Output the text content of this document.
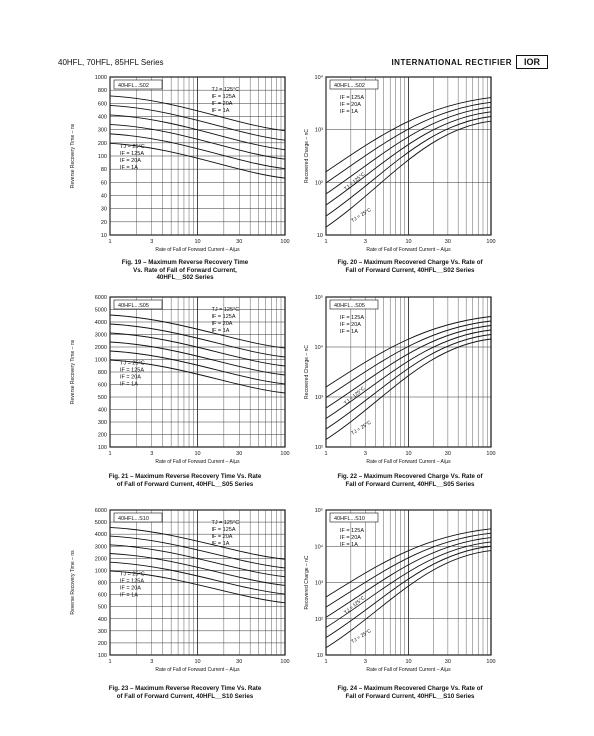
40HFL, 70HFL, 85HFL Series	INTERNATIONAL RECTIFIER	IOR
1000
800
600
400
300
200
100
80
60
40
30
20
10
1	3	10	30	100
Rate of Fall of Forward Current – A/µs
Reverse Recovery Time – ns
40HFL...S02
TJ = 125°C
IF = 125A
IF = 20A
IF = 1A
TJ = 25°C
IF = 125A
IF = 20A
IF = 1A
10⁴
10³
10²
10
1	3	10	30	100
Rate of Fall of Forward Current – A/µs
Recovered Charge – nC
40HFL...S02
IF = 125A
IF = 20A
IF = 1A
TJ = 125°C
TJ = 25°C
6000
5000
4000
3000
2000
1000
800
600
500
400
300
200
100
1	3	10	30	100
Rate of Fall of Forward Current – A/µs
Reverse Recovery Time – ns
40HFL...S05
TJ = 125°C
IF = 125A
IF = 20A
IF = 1A
TJ = 25°C
IF = 125A
IF = 20A
IF = 1A
10⁵
10⁴
10³
10²
1	3	10	30	100
Rate of Fall of Forward Current – A/µs
Recovered Charge – nC
40HFL...S05
IF = 125A
IF = 20A
IF = 1A
TJ = 125°C
TJ = 25°C
6000
5000
4000
3000
2000
1000
800
600
500
400
300
200
100
1	3	10	30	100
Rate of Fall of Forward Current – A/µs
Reverse Recovery Time – ns
40HFL...S10
TJ = 125°C
IF = 125A
IF = 20A
IF = 1A
TJ = 25°C
IF = 125A
IF = 20A
IF = 1A
10⁵
10⁴
10³
10²
10
1	3	10	30	100
Rate of Fall of Forward Current – A/µs
Recovered Charge – nC
40HFL...S10
IF = 125A
IF = 20A
IF = 1A
TJ = 125°C
TJ = 25°C
Fig. 19 – Maximum Reverse Recovery Time
Vs. Rate of Fall of Forward Current,
40HFL__S02 Series
Fig. 20 – Maximum Recovered Charge Vs. Rate of
Fall of Forward Current, 40HFL__S02 Series
Fig. 21 – Maximum Reverse Recovery Time Vs. Rate
of Fall of Forward Current, 40HFL__S05 Series
Fig. 22 – Maximum Recovered Charge Vs. Rate of
Fall of Forward Current, 40HFL__S05 Series
Fig. 23 – Maximum Reverse Recovery Time Vs. Rate
of Fall of Forward Current, 40HFL__S10 Series
Fig. 24 – Maximum Recovered Charge Vs. Rate of
Fall of Forward Current, 40HFL__S10 Series
